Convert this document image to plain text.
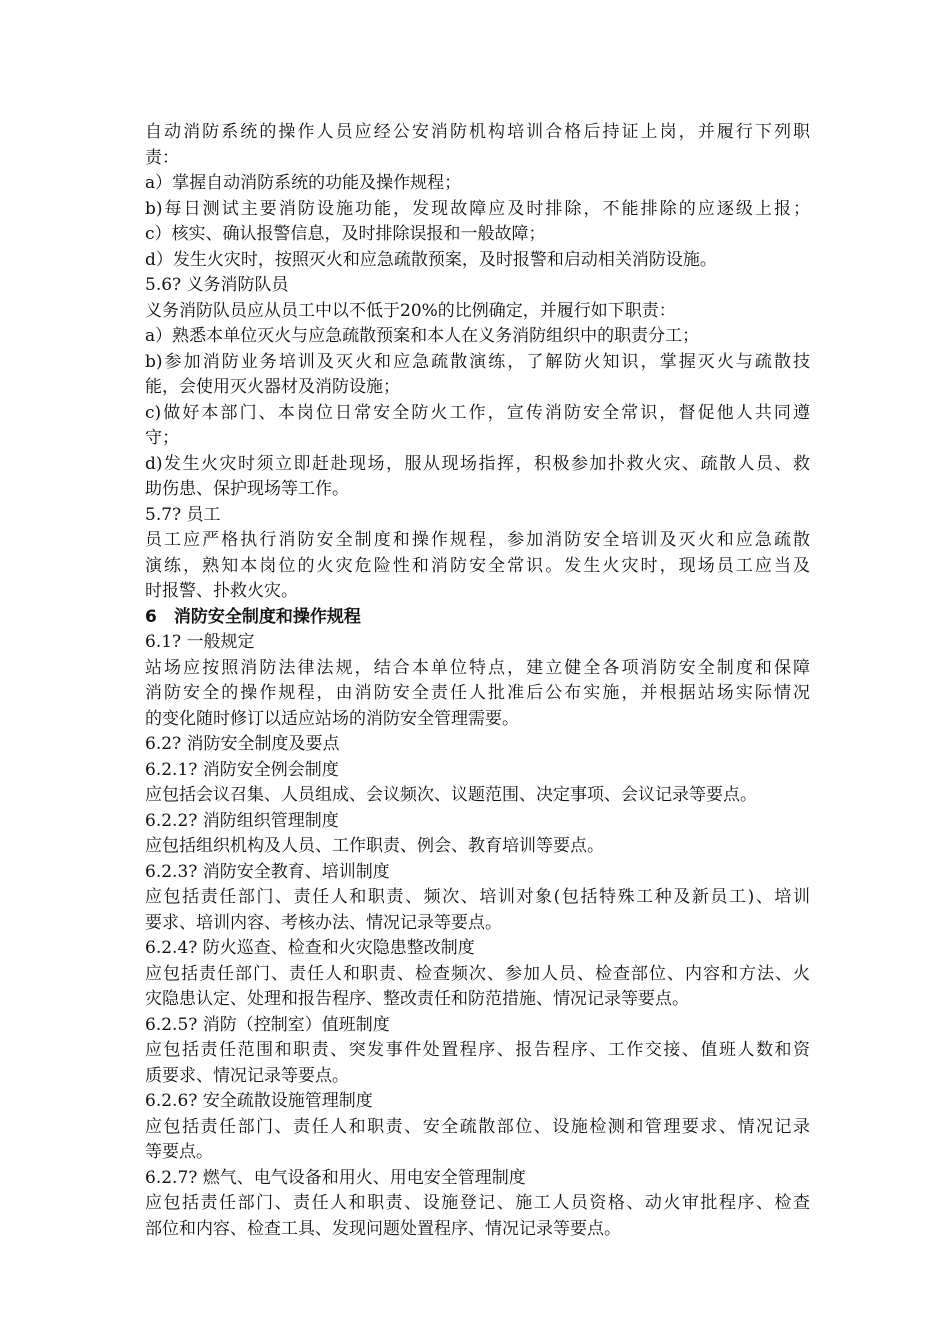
自动消防系统的操作人员应经公安消防机构培训合格后持证上岗，并履行下列职
责：
a）掌握自动消防系统的功能及操作规程；
b)每日测试主要消防设施功能，发现故障应及时排除，不能排除的应逐级上报；
c）核实、确认报警信息，及时排除误报和一般故障；
d）发生火灾时，按照灭火和应急疏散预案，及时报警和启动相关消防设施。
5.6? 义务消防队员
义务消防队员应从员工中以不低于20%的比例确定，并履行如下职责：
a）熟悉本单位灭火与应急疏散预案和本人在义务消防组织中的职责分工；
b)参加消防业务培训及灭火和应急疏散演练，了解防火知识，掌握灭火与疏散技
能，会使用灭火器材及消防设施；
c)做好本部门、本岗位日常安全防火工作，宣传消防安全常识，督促他人共同遵
守；
d)发生火灾时须立即赶赴现场，服从现场指挥，积极参加扑救火灾、疏散人员、救
助伤患、保护现场等工作。
5.7? 员工
员工应严格执行消防安全制度和操作规程，参加消防安全培训及灭火和应急疏散
演练，熟知本岗位的火灾危险性和消防安全常识。发生火灾时，现场员工应当及
时报警、扑救火灾。
6　消防安全制度和操作规程
6.1? 一般规定
站场应按照消防法律法规，结合本单位特点，建立健全各项消防安全制度和保障
消防安全的操作规程，由消防安全责任人批准后公布实施，并根据站场实际情况
的变化随时修订以适应站场的消防安全管理需要。
6.2? 消防安全制度及要点
6.2.1? 消防安全例会制度
应包括会议召集、人员组成、会议频次、议题范围、决定事项、会议记录等要点。
6.2.2? 消防组织管理制度
应包括组织机构及人员、工作职责、例会、教育培训等要点。
6.2.3? 消防安全教育、培训制度
应包括责任部门、责任人和职责、频次、培训对象(包括特殊工种及新员工)、培训
要求、培训内容、考核办法、情况记录等要点。
6.2.4? 防火巡查、检查和火灾隐患整改制度
应包括责任部门、责任人和职责、检查频次、参加人员、检查部位、内容和方法、火
灾隐患认定、处理和报告程序、整改责任和防范措施、情况记录等要点。
6.2.5? 消防（控制室）值班制度
应包括责任范围和职责、突发事件处置程序、报告程序、工作交接、值班人数和资
质要求、情况记录等要点。
6.2.6? 安全疏散设施管理制度
应包括责任部门、责任人和职责、安全疏散部位、设施检测和管理要求、情况记录
等要点。
6.2.7? 燃气、电气设备和用火、用电安全管理制度
应包括责任部门、责任人和职责、设施登记、施工人员资格、动火审批程序、检查
部位和内容、检查工具、发现问题处置程序、情况记录等要点。
